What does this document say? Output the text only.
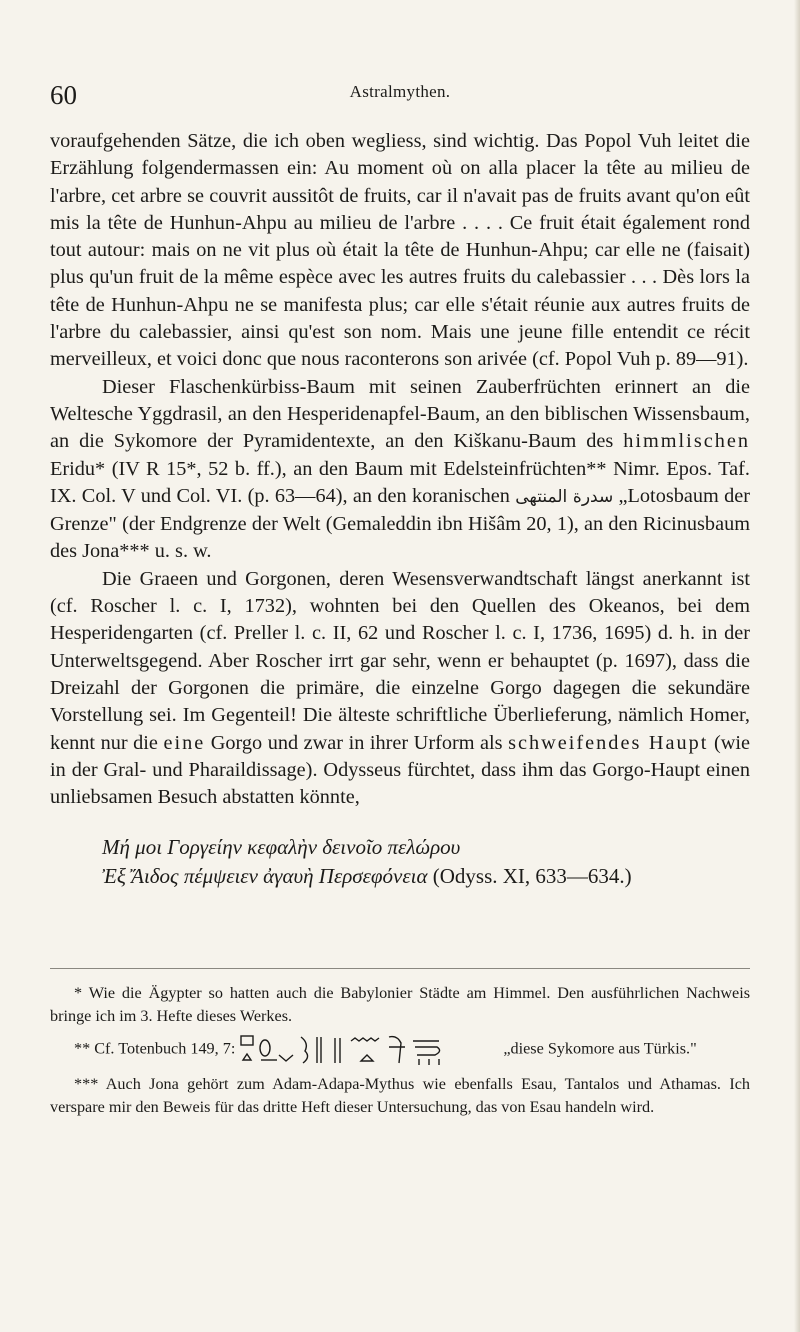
60	Astralmythen.

voraufgehenden Sätze, die ich oben wegliess, sind wichtig. Das Popol Vuh leitet die Erzählung folgendermassen ein: Au moment où on alla placer la tête au milieu de l'arbre, cet arbre se couvrit aussitôt de fruits, car il n'avait pas de fruits avant qu'on eût mis la tête de Hunhun-Ahpu au milieu de l'arbre . . . . Ce fruit était également rond tout autour: mais on ne vit plus où était la tête de Hunhun-Ahpu; car elle ne (faisait) plus qu'un fruit de la même espèce avec les autres fruits du calebassier . . . Dès lors la tête de Hunhun-Ahpu ne se manifesta plus; car elle s'était réunie aux autres fruits de l'arbre du calebassier, ainsi qu'est son nom. Mais une jeune fille entendit ce récit merveilleux, et voici donc que nous raconterons son arivée (cf. Popol Vuh p. 89—91).

Dieser Flaschenkürbiss-Baum mit seinen Zauberfrüchten erinnert an die Weltesche Yggdrasil, an den Hesperidenapfel-Baum, an den biblischen Wissensbaum, an die Sykomore der Pyramidentexte, an den Kiškanu-Baum des himmlischen Eridu* (IV R 15*, 52 b. ff.), an den Baum mit Edelsteinfrüchten** Nimr. Epos. Taf. IX. Col. V und Col. VI. (p. 63—64), an den koranischen سدرة المنتهى „Lotosbaum der Grenze" (der Endgrenze der Welt (Gemaleddin ibn Hišâm 20, 1), an den Ricinusbaum des Jona*** u. s. w.

Die Graeen und Gorgonen, deren Wesensverwandtschaft längst anerkannt ist (cf. Roscher l. c. I, 1732), wohnten bei den Quellen des Okeanos, bei dem Hesperidengarten (cf. Preller l. c. II, 62 und Roscher l. c. I, 1736, 1695) d. h. in der Unterweltsgegend. Aber Roscher irrt gar sehr, wenn er behauptet (p. 1697), dass die Dreizahl der Gorgonen die primäre, die einzelne Gorgo dagegen die sekundäre Vorstellung sei. Im Gegenteil! Die älteste schriftliche Überlieferung, nämlich Homer, kennt nur die eine Gorgo und zwar in ihrer Urform als schweifendes Haupt (wie in der Gral- und Pharaildissage). Odysseus fürchtet, dass ihm das Gorgo-Haupt einen unliebsamen Besuch abstatten könnte,

Μή μοι Γοργείην κεφαλὴν δεινοῖο πελώρου
Ἐξ Ἄιδος πέμψειεν ἀγαυὴ Περσεφόνεια (Odyss. XI, 633—634.)

* Wie die Ägypter so hatten auch die Babylonier Städte am Himmel. Den ausführlichen Nachweis bringe ich im 3. Hefte dieses Werkes.

** Cf. Totenbuch 149, 7:	„diese Sykomore aus Türkis."

*** Auch Jona gehört zum Adam-Adapa-Mythus wie ebenfalls Esau, Tantalos und Athamas. Ich verspare mir den Beweis für das dritte Heft dieser Untersuchung, das von Esau handeln wird.
